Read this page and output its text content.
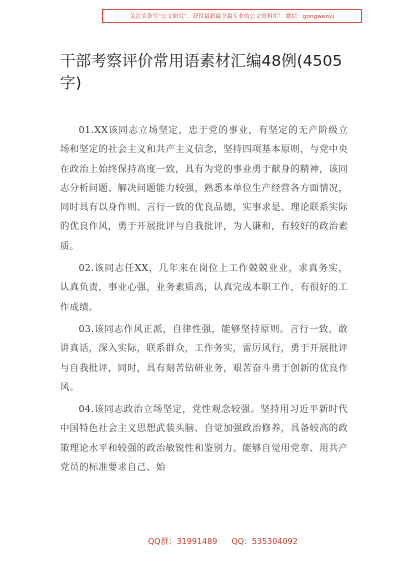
关注头条号“公文研究”，获得最新最全最专业的公文资料库！ 微信：gongwenyj
干部考察评价常用语素材汇编48例(4505字)

01.XX该同志立场坚定，忠于党的事业，有坚定的无产阶级立场和坚定的社会主义和共产主义信念，坚持四项基本原则，与党中央在政治上始终保持高度一致，具有为党的事业勇于献身的精神，该同志分析问题、解决问题能力较强，熟悉本单位生产经营各方面情况，同时具有以身作则、言行一致的优良品德，实事求是、理论联系实际的优良作风，勇于开展批评与自我批评，为人谦和，有较好的政治素质。

02.该同志任XX，几年来在岗位上工作兢兢业业，求真务实，认真负责，事业心强，业务素质高，认真完成本职工作，有很好的工作成绩。

03.该同志作风正派，自律性强，能够坚持原则。言行一致，敢讲真话，深入实际，联系群众，工作务实，雷厉风行，勇于开展批评与自我批评，同时，具有刻苦钻研业务，艰苦奋斗勇于创新的优良作风。

04.该同志政治立场坚定，党性观念较强。坚持用习近平新时代中国特色社会主义思想武装头脑、自觉加强政治修养，具备较高的政策理论水平和较强的政治敏锐性和鉴别力。能够自觉用党章、用共产党员的标准要求自己、始

QQ群：31991489 QQ：535304092
